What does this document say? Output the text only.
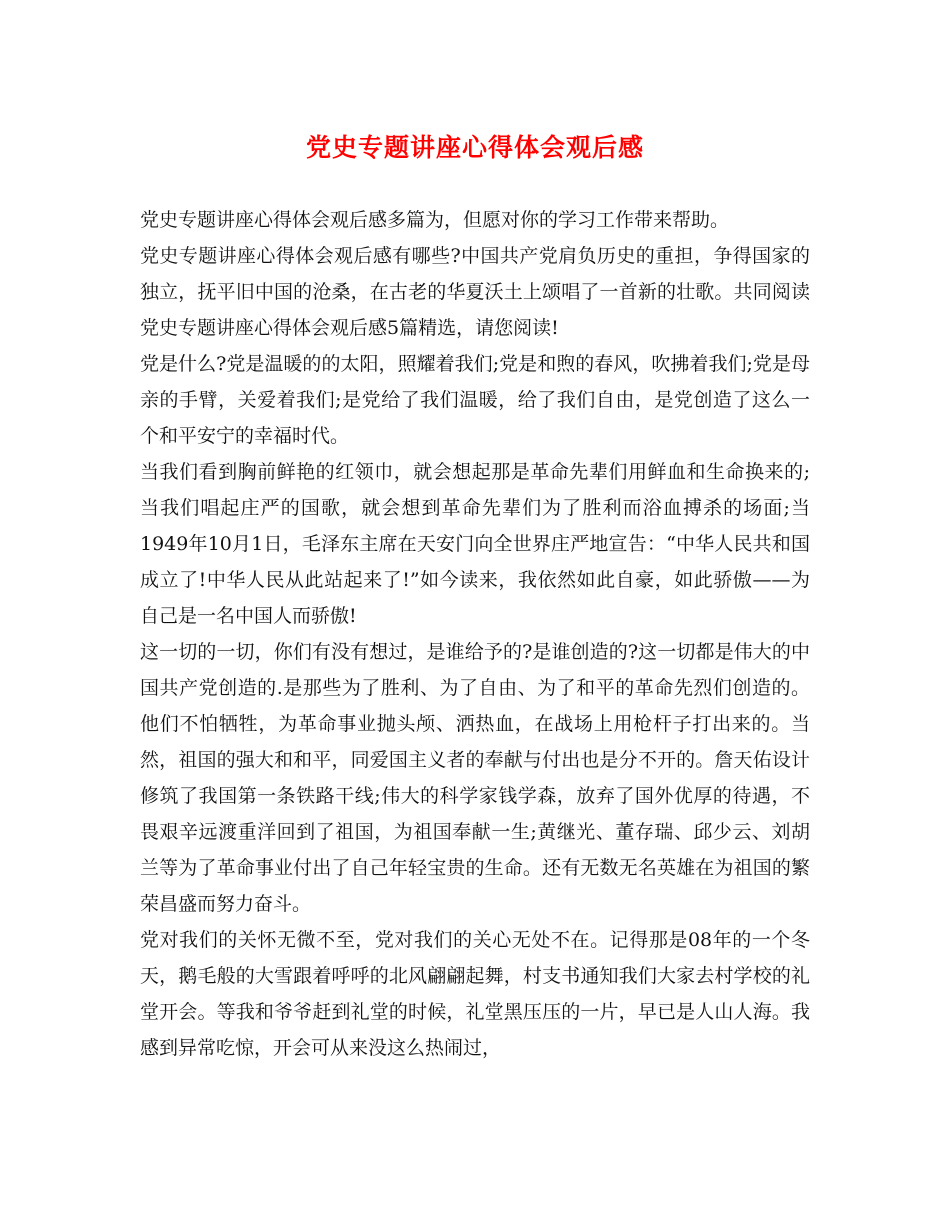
党史专题讲座心得体会观后感

党史专题讲座心得体会观后感多篇为，但愿对你的学习工作带来帮助。

党史专题讲座心得体会观后感有哪些?中国共产党肩负历史的重担，争得国家的独立，抚平旧中国的沧桑，在古老的华夏沃土上颂唱了一首新的壮歌。共同阅读党史专题讲座心得体会观后感5篇精选，请您阅读!

党是什么?党是温暖的的太阳，照耀着我们;党是和煦的春风，吹拂着我们;党是母亲的手臂，关爱着我们;是党给了我们温暖，给了我们自由，是党创造了这么一个和平安宁的幸福时代。

当我们看到胸前鲜艳的红领巾，就会想起那是革命先辈们用鲜血和生命换来的;当我们唱起庄严的国歌，就会想到革命先辈们为了胜利而浴血搏杀的场面;当1949年10月1日，毛泽东主席在天安门向全世界庄严地宣告：“中华人民共和国成立了!中华人民从此站起来了!”如今读来，我依然如此自豪，如此骄傲——为自己是一名中国人而骄傲!

这一切的一切，你们有没有想过，是谁给予的?是谁创造的?这一切都是伟大的中国共产党创造的.是那些为了胜利、为了自由、为了和平的革命先烈们创造的。他们不怕牺牲，为革命事业抛头颅、洒热血，在战场上用枪杆子打出来的。当然，祖国的强大和和平，同爱国主义者的奉献与付出也是分不开的。詹天佑设计修筑了我国第一条铁路干线;伟大的科学家钱学森，放弃了国外优厚的待遇，不畏艰辛远渡重洋回到了祖国，为祖国奉献一生;黄继光、董存瑞、邱少云、刘胡兰等为了革命事业付出了自己年轻宝贵的生命。还有无数无名英雄在为祖国的繁荣昌盛而努力奋斗。

党对我们的关怀无微不至，党对我们的关心无处不在。记得那是08年的一个冬天，鹅毛般的大雪跟着呼呼的北风翩翩起舞，村支书通知我们大家去村学校的礼堂开会。等我和爷爷赶到礼堂的时候，礼堂黑压压的一片，早已是人山人海。我感到异常吃惊，开会可从来没这么热闹过，
